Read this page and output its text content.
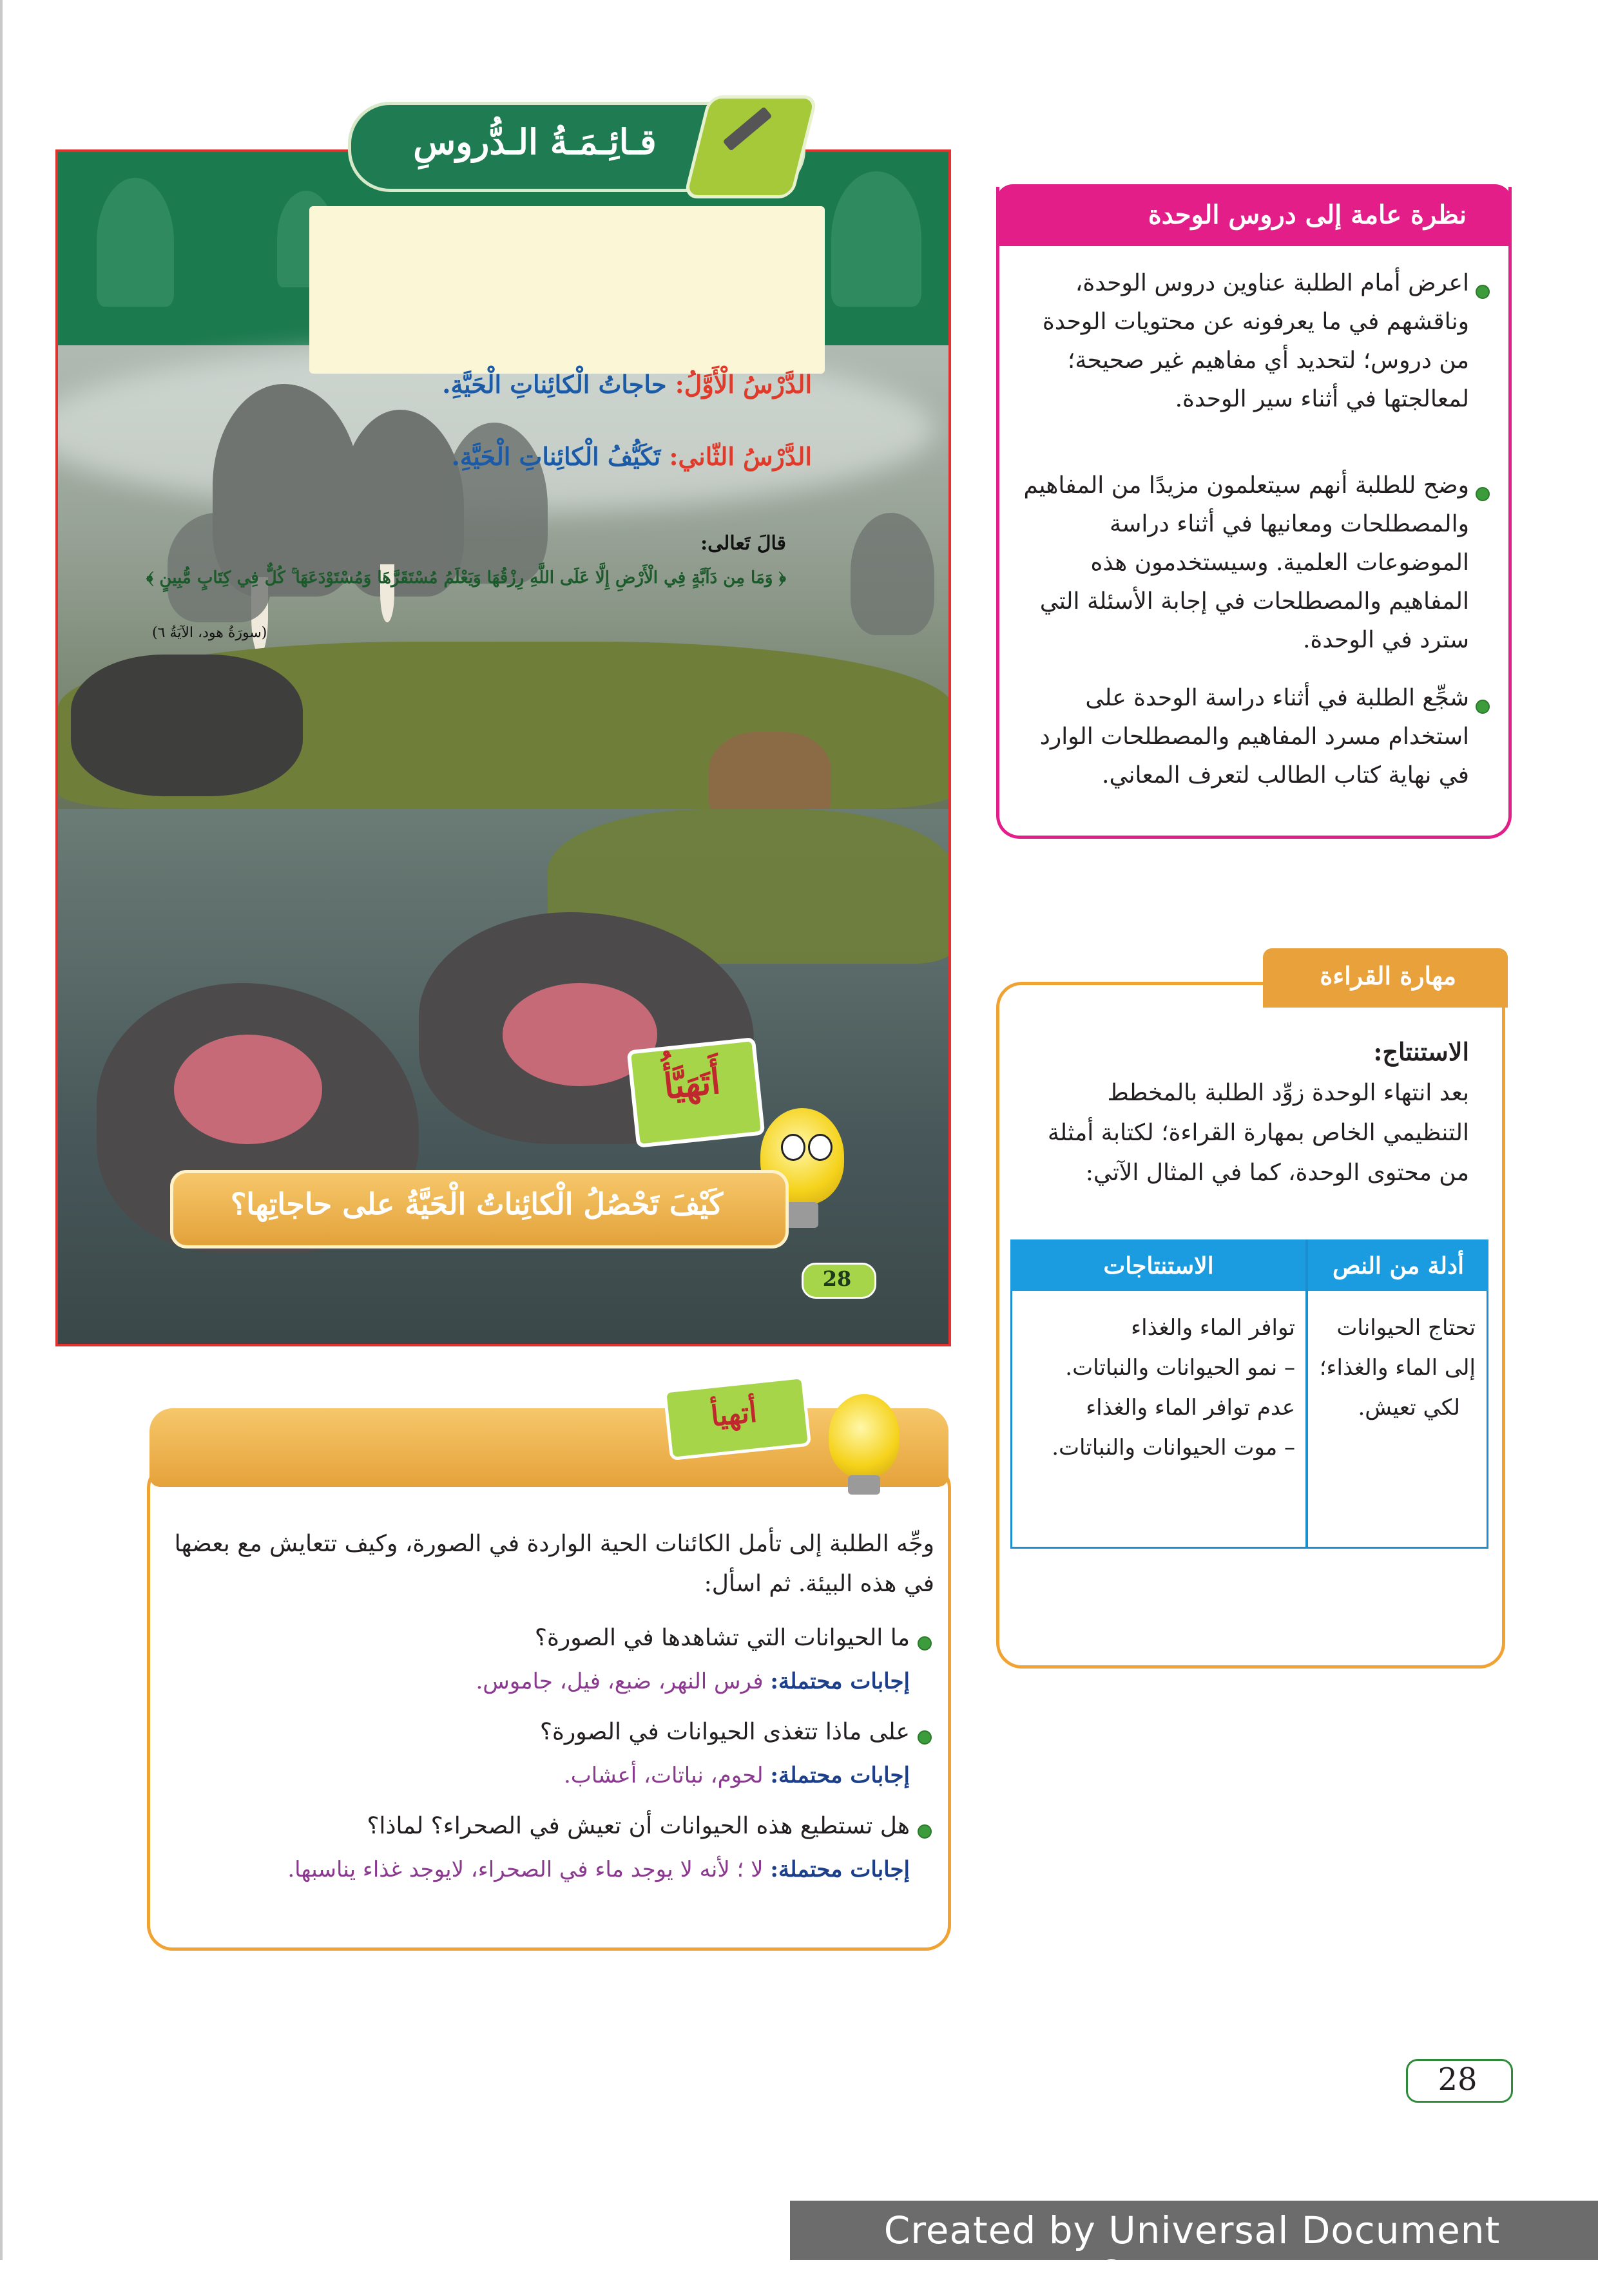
قـائِـمَـةُ الـدُّروسِ
الدَّرْسُ الْأَوَّلُ: حاجاتُ الْكائِناتِ الْحَيَّةِ.
الدَّرْسُ الثّاني: تَكَيُّفُ الْكائِناتِ الْحَيَّةِ.
قالَ تَعالى:
﴿ وَمَا مِن دَآبَّةٍ فِي الْأَرْضِ إِلَّا عَلَى اللَّهِ رِزْقُهَا وَيَعْلَمُ مُسْتَقَرَّهَا وَمُسْتَوْدَعَهَا ۚ كُلٌّ فِي كِتَابٍ مُّبِينٍ ﴾
(سورَةُ هود، الآيَةُ ٦)
أَتَهَيَّأُ
كَيْفَ تَحْصُلُ الْكائِناتُ الْحَيَّةُ على حاجاتِها؟
28
نظرة عامة إلى دروس الوحدة
اعرض أمام الطلبة عناوين دروس الوحدة، وناقشهم في ما يعرفونه عن محتويات الوحدة من دروس؛ لتحديد أي مفاهيم غير صحيحة؛ لمعالجتها في أثناء سير الوحدة.
وضح للطلبة أنهم سيتعلمون مزيدًا من المفاهيم والمصطلحات ومعانيها في أثناء دراسة الموضوعات العلمية. وسيستخدمون هذه المفاهيم والمصطلحات في إجابة الأسئلة التي سترد في الوحدة.
شجِّع الطلبة في أثناء دراسة الوحدة على استخدام مسرد المفاهيم والمصطلحات الوارد في نهاية كتاب الطالب لتعرف المعاني.
مهارة القراءة
الاستنتاج:
بعد انتهاء الوحدة زوِّد الطلبة بالمخطط التنظيمي الخاص بمهارة القراءة؛ لكتابة أمثلة من محتوى الوحدة، كما في المثال الآتي:
أدلة من النص
الاستنتاجات
تحتاج الحيوانات
إلى الماء والغذاء؛
لكي تعيش.
توافر الماء والغذاء
– نمو الحيوانات والنباتات.
عدم توافر الماء والغذاء
– موت الحيوانات والنباتات.
أتهيأ
وجِّه الطلبة إلى تأمل الكائنات الحية الواردة في الصورة، وكيف تتعايش مع بعضها في هذه البيئة. ثم اسأل:
ما الحيوانات التي تشاهدها في الصورة؟
إجابات محتملة: فرس النهر، ضبع، فيل، جاموس.
على ماذا تتغذى الحيوانات في الصورة؟
إجابات محتملة: لحوم، نباتات، أعشاب.
هل تستطيع هذه الحيوانات أن تعيش في الصحراء؟ لماذا؟
إجابات محتملة: لا ؛ لأنه لا يوجد ماء في الصحراء، لايوجد غذاء يناسبها.
28
Created by Universal Document Converter
